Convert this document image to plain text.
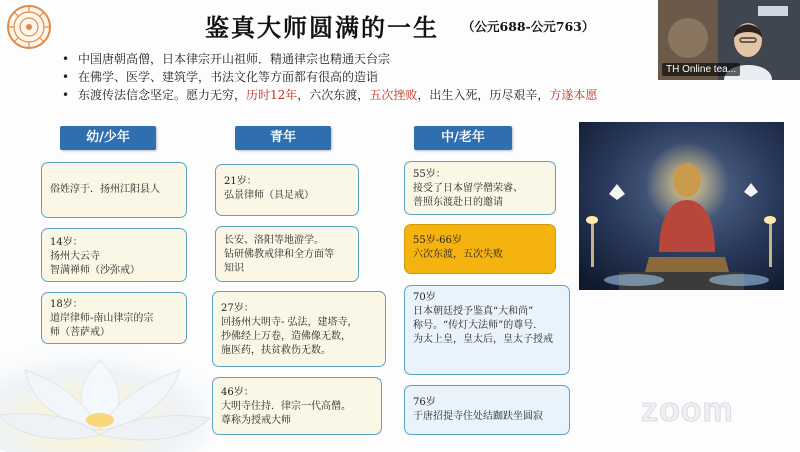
鉴真大师圆满的一生 （公元688-公元763）
• 中国唐朝高僧，日本律宗开山祖师．精通律宗也精通天台宗
• 在佛学、医学、建筑学，书法文化等方面都有很高的造诣
• 东渡传法信念坚定。愿力无穷，历时12年，六次东渡，五次挫败，出生入死，历尽艰辛，方遂本愿
幼/少年	青年	中/老年
俗姓淳于．扬州江阳县人
14岁：
扬州大云寺
智满禅师（沙弥戒）
18岁：
道岸律师-南山律宗的宗
师（菩萨戒）
21岁：
弘景律师（具足戒）
长安、洛阳等地游学。
钻研佛教戒律和全方面等
知识
27岁：
回扬州大明寺- 弘法，建塔寺，
抄佛经上万卷，造佛像无数，
施医药，扶贫救伤无数。
46岁：
大明寺住持．律宗一代高僧。
尊称为授戒大师
55岁：
接受了日本留学僧荣睿、
普照东渡赴日的邀请
55岁-66岁
六次东渡，五次失败
70岁
日本朝廷授予鉴真“大和尚”
称号。“传灯大法师”的尊号．
为太上皇，皇太后，皇太子授戒
76岁
于唐招提寺住处结跏趺坐圆寂
TH Online tea...
zoom
